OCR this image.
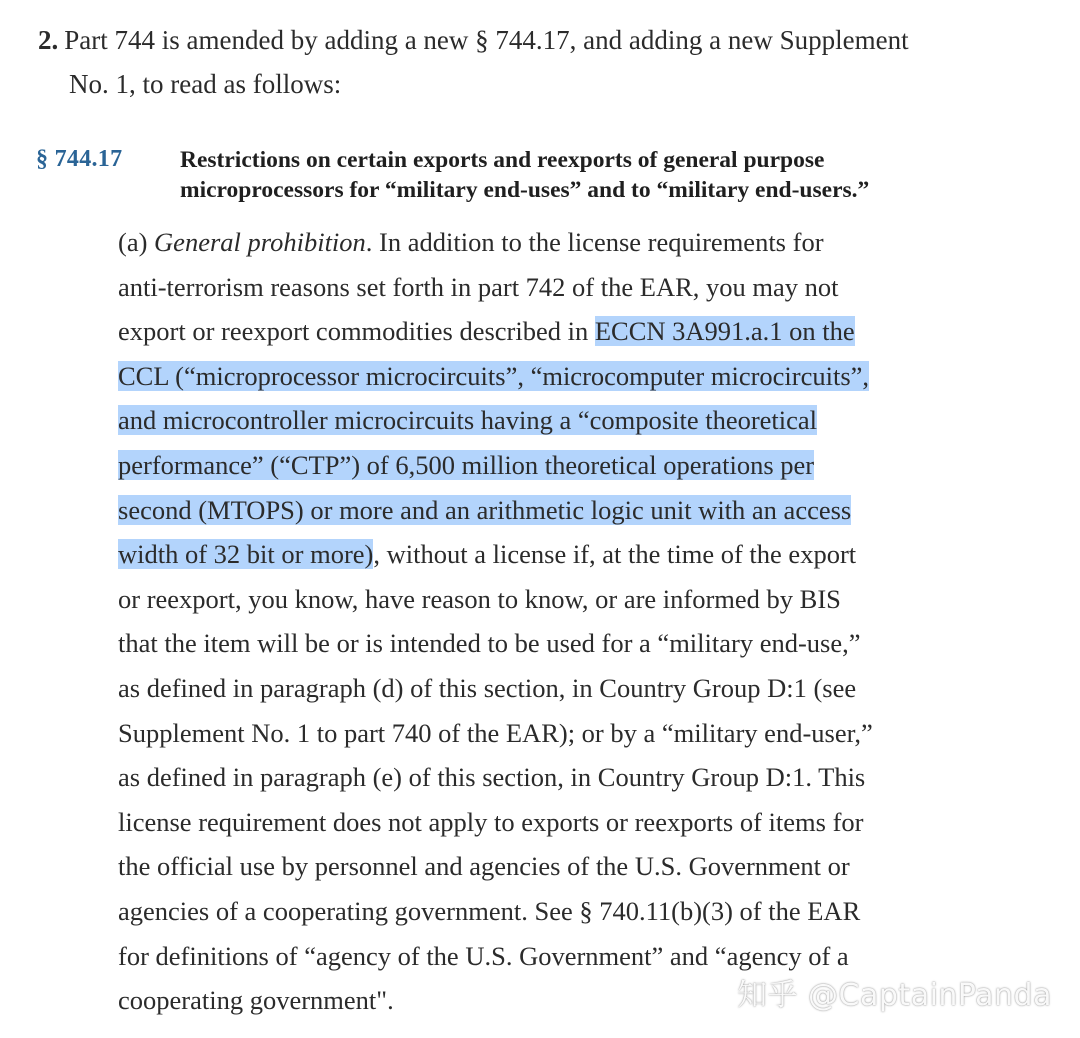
2. Part 744 is amended by adding a new § 744.17, and adding a new Supplement
No. 1, to read as follows:
§ 744.17 Restrictions on certain exports and reexports of general purpose
microprocessors for “military end-uses” and to “military end-users.”
(a) General prohibition. In addition to the license requirements for
anti-terrorism reasons set forth in part 742 of the EAR, you may not
export or reexport commodities described in ECCN 3A991.a.1 on the
CCL (“microprocessor microcircuits”, “microcomputer microcircuits”,
and microcontroller microcircuits having a “composite theoretical
performance” (“CTP”) of 6,500 million theoretical operations per
second (MTOPS) or more and an arithmetic logic unit with an access
width of 32 bit or more), without a license if, at the time of the export
or reexport, you know, have reason to know, or are informed by BIS
that the item will be or is intended to be used for a “military end-use,”
as defined in paragraph (d) of this section, in Country Group D:1 (see
Supplement No. 1 to part 740 of the EAR); or by a “military end-user,”
as defined in paragraph (e) of this section, in Country Group D:1. This
license requirement does not apply to exports or reexports of items for
the official use by personnel and agencies of the U.S. Government or
agencies of a cooperating government. See § 740.11(b)(3) of the EAR
for definitions of “agency of the U.S. Government” and “agency of a
cooperating government".	知乎 @CaptainPanda
